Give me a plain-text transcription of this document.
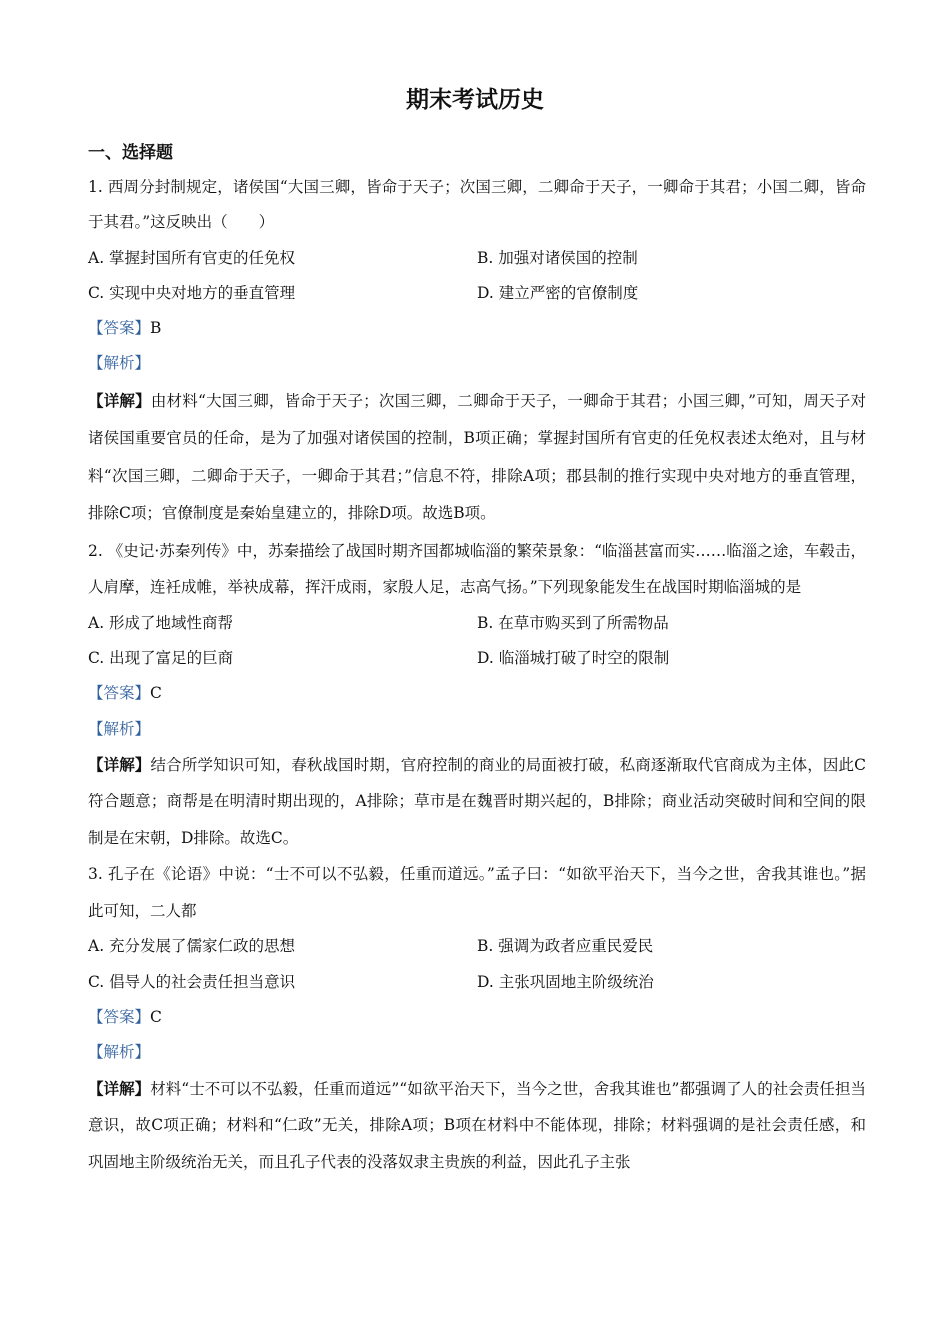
期末考试历史
一、选择题
1. 西周分封制规定，诸侯国“大国三卿，皆命于天子；次国三卿，二卿命于天子，一卿命于其君；小国二卿，皆命于其君。”这反映出（　　）
A. 掌握封国所有官吏的任免权	B. 加强对诸侯国的控制
C. 实现中央对地方的垂直管理	D. 建立严密的官僚制度
【答案】B
【解析】
【详解】由材料“大国三卿，皆命于天子；次国三卿，二卿命于天子，一卿命于其君；小国三卿，”可知，周天子对诸侯国重要官员的任命，是为了加强对诸侯国的控制，B项正确；掌握封国所有官吏的任免权表述太绝对，且与材料“次国三卿，二卿命于天子，一卿命于其君；”信息不符，排除A项；郡县制的推行实现中央对地方的垂直管理，排除C项；官僚制度是秦始皇建立的，排除D项。故选B项。
2. 《史记·苏秦列传》中，苏秦描绘了战国时期齐国都城临淄的繁荣景象：“临淄甚富而实……临淄之途，车毂击，人肩摩，连衽成帷，举袂成幕，挥汗成雨，家殷人足，志高气扬。”下列现象能发生在战国时期临淄城的是
A. 形成了地域性商帮	B. 在草市购买到了所需物品
C. 出现了富足的巨商	D. 临淄城打破了时空的限制
【答案】C
【解析】
【详解】结合所学知识可知，春秋战国时期，官府控制的商业的局面被打破，私商逐渐取代官商成为主体，因此C符合题意；商帮是在明清时期出现的，A排除；草市是在魏晋时期兴起的，B排除；商业活动突破时间和空间的限制是在宋朝，D排除。故选C。
3. 孔子在《论语》中说：“士不可以不弘毅，任重而道远。”孟子曰：“如欲平治天下，当今之世，舍我其谁也。”据此可知，二人都
A. 充分发展了儒家仁政的思想	B. 强调为政者应重民爱民
C. 倡导人的社会责任担当意识	D. 主张巩固地主阶级统治
【答案】C
【解析】
【详解】材料“士不可以不弘毅，任重而道远”“如欲平治天下，当今之世，舍我其谁也”都强调了人的社会责任担当意识，故C项正确；材料和“仁政”无关，排除A项；B项在材料中不能体现，排除；材料强调的是社会责任感，和巩固地主阶级统治无关，而且孔子代表的没落奴隶主贵族的利益，因此孔子主张
